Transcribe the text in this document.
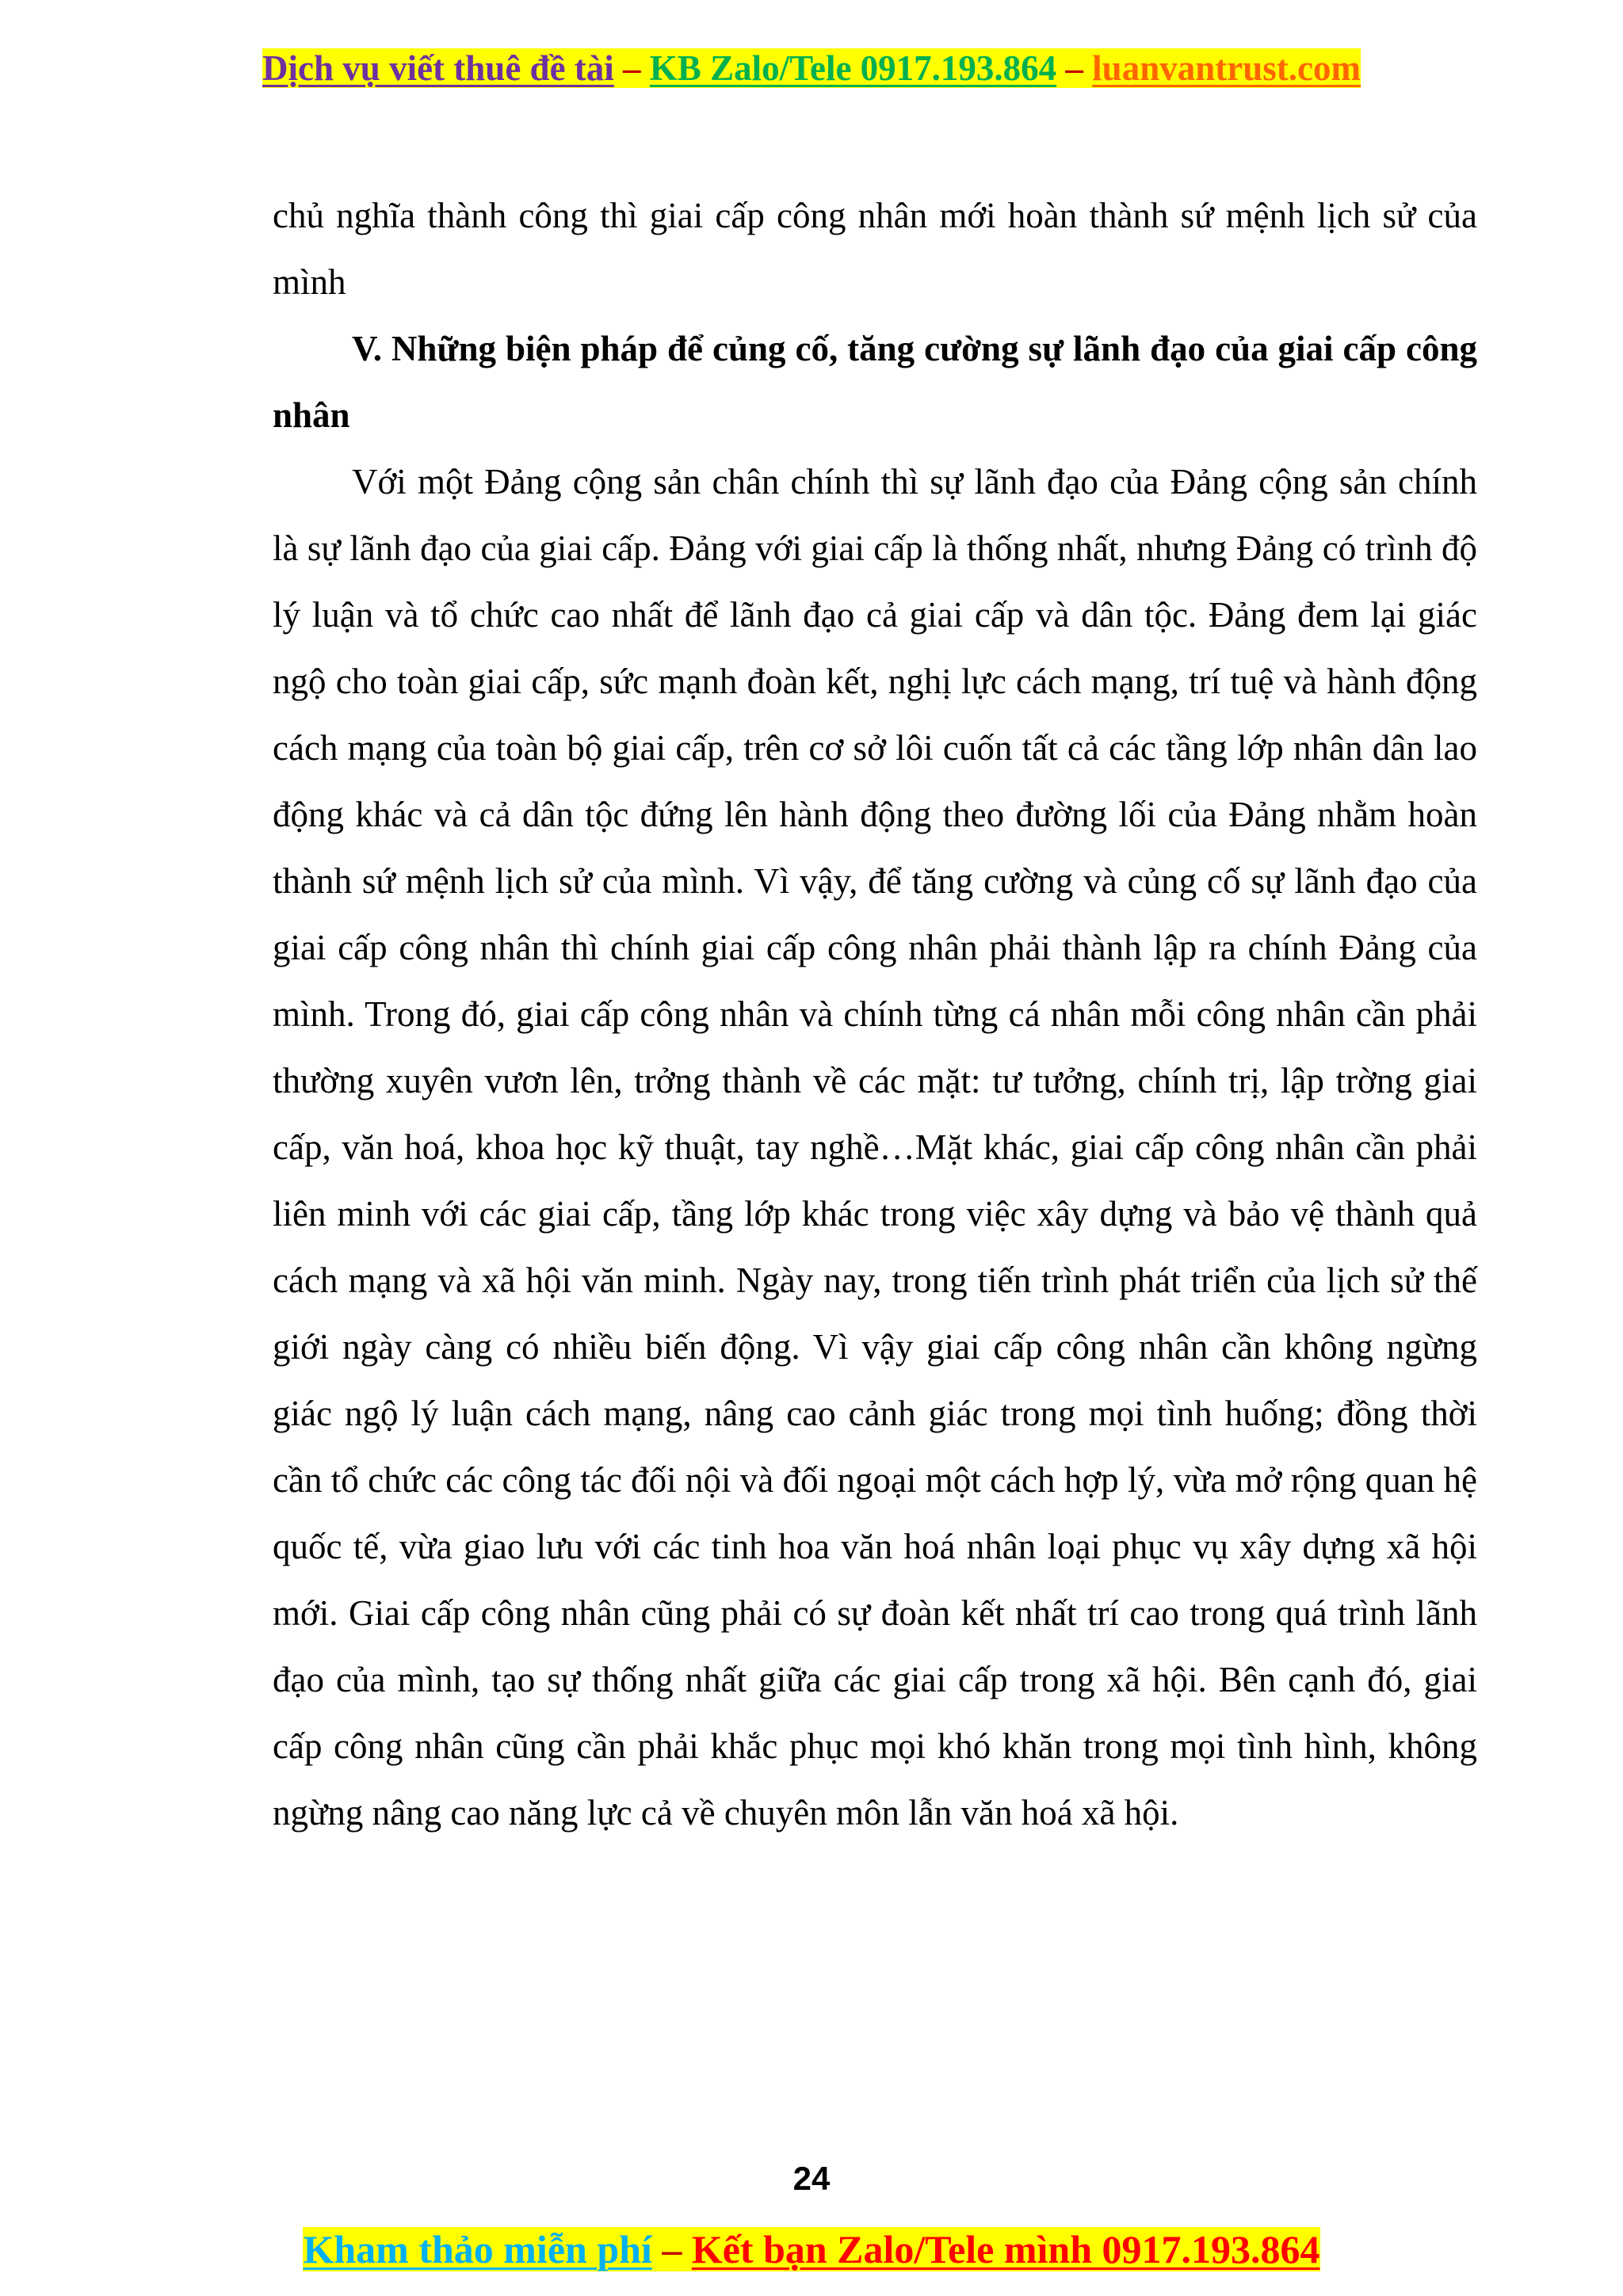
Dịch vụ viết thuê đề tài – KB Zalo/Tele 0917.193.864 – luanvantrust.com

chủ nghĩa thành công thì giai cấp công nhân mới hoàn thành sứ mệnh lịch sử của mình

V. Những biện pháp để củng cố, tăng cường sự lãnh đạo của giai cấp công nhân

Với một Đảng cộng sản chân chính thì sự lãnh đạo của Đảng cộng sản chính là sự lãnh đạo của giai cấp. Đảng với giai cấp là thống nhất, nhưng Đảng có trình độ lý luận và tổ chức cao nhất để lãnh đạo cả giai cấp và dân tộc. Đảng đem lại giác ngộ cho toàn giai cấp, sức mạnh đoàn kết, nghị lực cách mạng, trí tuệ và hành động cách mạng của toàn bộ giai cấp, trên cơ sở lôi cuốn tất cả các tầng lớp nhân dân lao động khác và cả dân tộc đứng lên hành động theo đường lối của Đảng nhằm hoàn thành sứ mệnh lịch sử của mình. Vì vậy, để tăng cường và củng cố sự lãnh đạo của giai cấp công nhân thì chính giai cấp công nhân phải thành lập ra chính Đảng của mình. Trong đó, giai cấp công nhân và chính từng cá nhân mỗi công nhân cần phải thường xuyên vươn lên, trởng thành về các mặt: tư tưởng, chính trị, lập trờng giai cấp, văn hoá, khoa học kỹ thuật, tay nghề…Mặt khác, giai cấp công nhân cần phải liên minh với các giai cấp, tầng lớp khác trong việc xây dựng và bảo vệ thành quả cách mạng và xã hội văn minh. Ngày nay, trong tiến trình phát triển của lịch sử thế giới ngày càng có nhiều biến động. Vì vậy giai cấp công nhân cần không ngừng giác ngộ lý luận cách mạng, nâng cao cảnh giác trong mọi tình huống; đồng thời cần tổ chức các công tác đối nội và đối ngoại một cách hợp lý, vừa mở rộng quan hệ quốc tế, vừa giao lưu với các tinh hoa văn hoá nhân loại phục vụ xây dựng xã hội mới. Giai cấp công nhân cũng phải có sự đoàn kết nhất trí cao trong quá trình lãnh đạo của mình, tạo sự thống nhất giữa các giai cấp trong xã hội. Bên cạnh đó, giai cấp công nhân cũng cần phải khắc phục mọi khó khăn trong mọi tình hình, không ngừng nâng cao năng lực cả về chuyên môn lẫn văn hoá xã hội.

24
Kham thảo miễn phí – Kết bạn Zalo/Tele mình 0917.193.864
